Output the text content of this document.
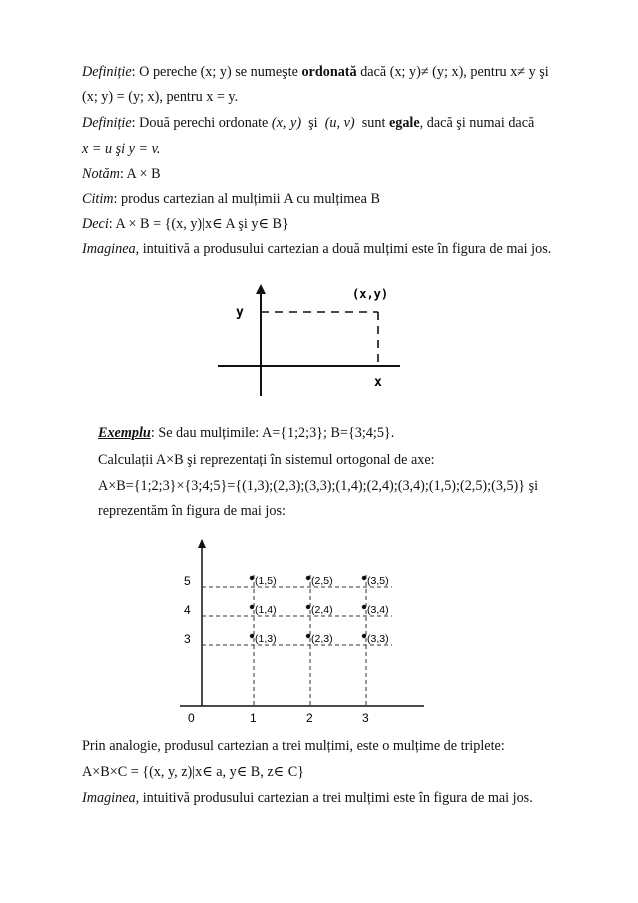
Definiție: O pereche (x; y) se numeşte ordonată dacă (x; y)≠ (y; x), pentru x≠ y şi
(x; y) = (y; x), pentru x = y.
Definiție: Două perechi ordonate (x, y) şi (u, v)  sunt egale, dacă şi numai dacă
x = u şi y = v.
Notăm: A × B
Citim: produs cartezian al mulțimii A cu mulțimea B
Deci: A × B = {(x, y)|x∈ A şi y∈ B}
Imaginea, intuitivă a produsului cartezian a două mulțimi este în figura de mai jos.
(x,y)
y
x
Exemplu: Se dau mulțimile: A={1;2;3}; B={3;4;5}.
Calculații A×B şi reprezentați în sistemul ortogonal de axe:
A×B={1;2;3}×{3;4;5}={(1,3);(2,3);(3,3);(1,4);(2,4);(3,4);(1,5);(2,5);(3,5)} şi
reprezentăm în figura de mai jos:
1	2	3
3
4
5	(1,5)	(2,5)	(3,5)
(1,4)	(2,4)	(3,4)
(1,3)	(2,3)	(3,3)
0
Prin analogie, produsul cartezian a trei mulțimi, este o mulțime de triplete:
A×B×C = {(x, y, z)|x∈ a, y∈ B, z∈ C}
Imaginea, intuitivă produsului cartezian a trei mulțimi este în figura de mai jos.
